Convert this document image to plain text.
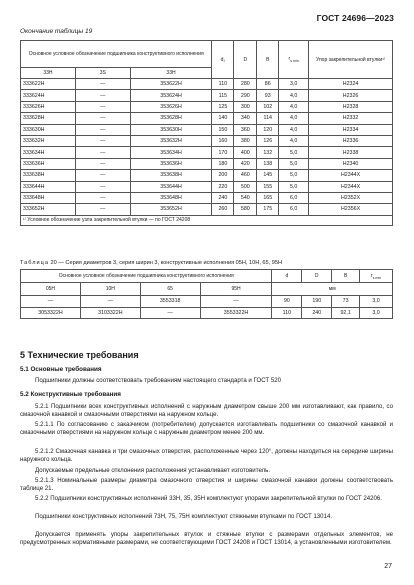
ГОСТ 24696—2023
Окончание таблицы 19
Основное условное обозначение подшипника конструктивного исполнения			d₁	D	B	$r_{s min}$	Упор закрепительной втулки¹⁾
33H	3S	33H					
333622H	—	353622H	110	280	86	3,0	H2324
333624H	—	353624H	115	290	93	4,0	H2326
333626H	—	353626H	125	300	102	4,0	H2328
333628H	—	353628H	140	340	114	4,0	H2332
333630H	—	353630H	150	360	120	4,0	H2334
333632H	—	353632H	160	380	126	4,0	H2336
333634H	—	353634H	170	400	132	5,0	H2338
333636H	—	353636H	180	420	138	5,0	H2340
333638H	—	353638H	200	460	145	5,0	H2344X
333644H	—	353644H	220	500	155	5,0	H2344X
333648H	—	353648H	240	540	165	6,0	H2352X
333652H	—	353652H	260	580	175	6,0	H2356X
¹⁾ Условное обозначение узла закрепительной втулки — по ГОСТ 24208							
Таблица 20 — Серия диаметров 3, серия ширин 3, конструктивные исполнения 05Н, 10Н, 65, 95Н
Основное условное обозначение подшипника конструктивного исполнения				d	D	B	$r_{s min}$
05H	10H	65	95H	мм			
—	—	3553318	—	90	190	73	3,0
3053322H	3103322H	—	3553322H	110	240	92,1	3,0
5 Технические требования
5.1 Основные требования
Подшипники должны соответствовать требованиям настоящего стандарта и ГОСТ 520
5.2 Конструктивные требования
5.2.1 Подшипники всех конструктивных исполнений с наружным диаметром свыше 200 мм изготавливают, как правило, со смазочной канавкой и смазочными отверстиями на наружном кольце.
5.2.1.1 По согласованию с заказчиком (потребителем) допускается изготавливать подшипники со смазочной канавкой и смазочными отверстиями на наружном кольце с наружным диаметром менее 200 мм.
5.2.1.2 Смазочная канавка и три смазочных отверстия, расположенные через 120°, должны находиться на середине ширины наружного кольца.
Допускаемые предельные отклонения расположения устанавливает изготовитель.
5.2.1.3 Номинальные размеры диаметра смазочного отверстия и ширины смазочной канавки должны соответствовать таблице 21.
5.2.2 Подшипники конструктивных исполнений 33Н, 35, 35Н комплектуют упорами закрепительной втулки по ГОСТ 24206.
Подшипники конструктивных исполнений 73Н, 75, 75Н комплектуют стяжными втулками по ГОСТ 13014.
Допускается применять упоры закрепительных втулок и стяжные втулки с размерами отдельных элементов, не предусмотренных нормативными размерами, не соответствующими ГОСТ 24208 и ГОСТ 13014, а установленными изготовителем.
27
